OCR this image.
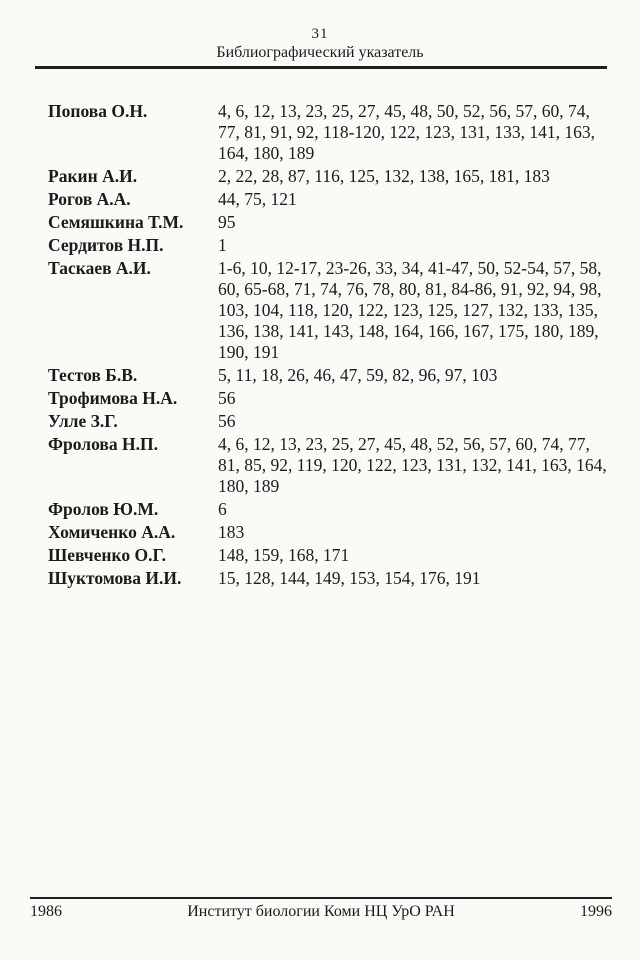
31
Библиографический указатель
Попова О.Н.	4, 6, 12, 13, 23, 25, 27, 45, 48, 50, 52, 56, 57, 60, 74, 77, 81, 91, 92, 118-120, 122, 123, 131, 133, 141, 163, 164, 180, 189
Ракин А.И.	2, 22, 28, 87, 116, 125, 132, 138, 165, 181, 183
Рогов А.А.	44, 75, 121
Семяшкина Т.М.	95
Сердитов Н.П.	1
Таскаев А.И.	1-6, 10, 12-17, 23-26, 33, 34, 41-47, 50, 52-54, 57, 58, 60, 65-68, 71, 74, 76, 78, 80, 81, 84-86, 91, 92, 94, 98, 103, 104, 118, 120, 122, 123, 125, 127, 132, 133, 135, 136, 138, 141, 143, 148, 164, 166, 167, 175, 180, 189, 190, 191
Тестов Б.В.	5, 11, 18, 26, 46, 47, 59, 82, 96, 97, 103
Трофимова Н.А.	56
Улле З.Г.	56
Фролова Н.П.	4, 6, 12, 13, 23, 25, 27, 45, 48, 52, 56, 57, 60, 74, 77, 81, 85, 92, 119, 120, 122, 123, 131, 132, 141, 163, 164, 180, 189
Фролов Ю.М.	6
Хомиченко А.А.	183
Шевченко О.Г.	148, 159, 168, 171
Шуктомова И.И.	15, 128, 144, 149, 153, 154, 176, 191
1986	Институт биологии Коми НЦ УрО РАН	1996
